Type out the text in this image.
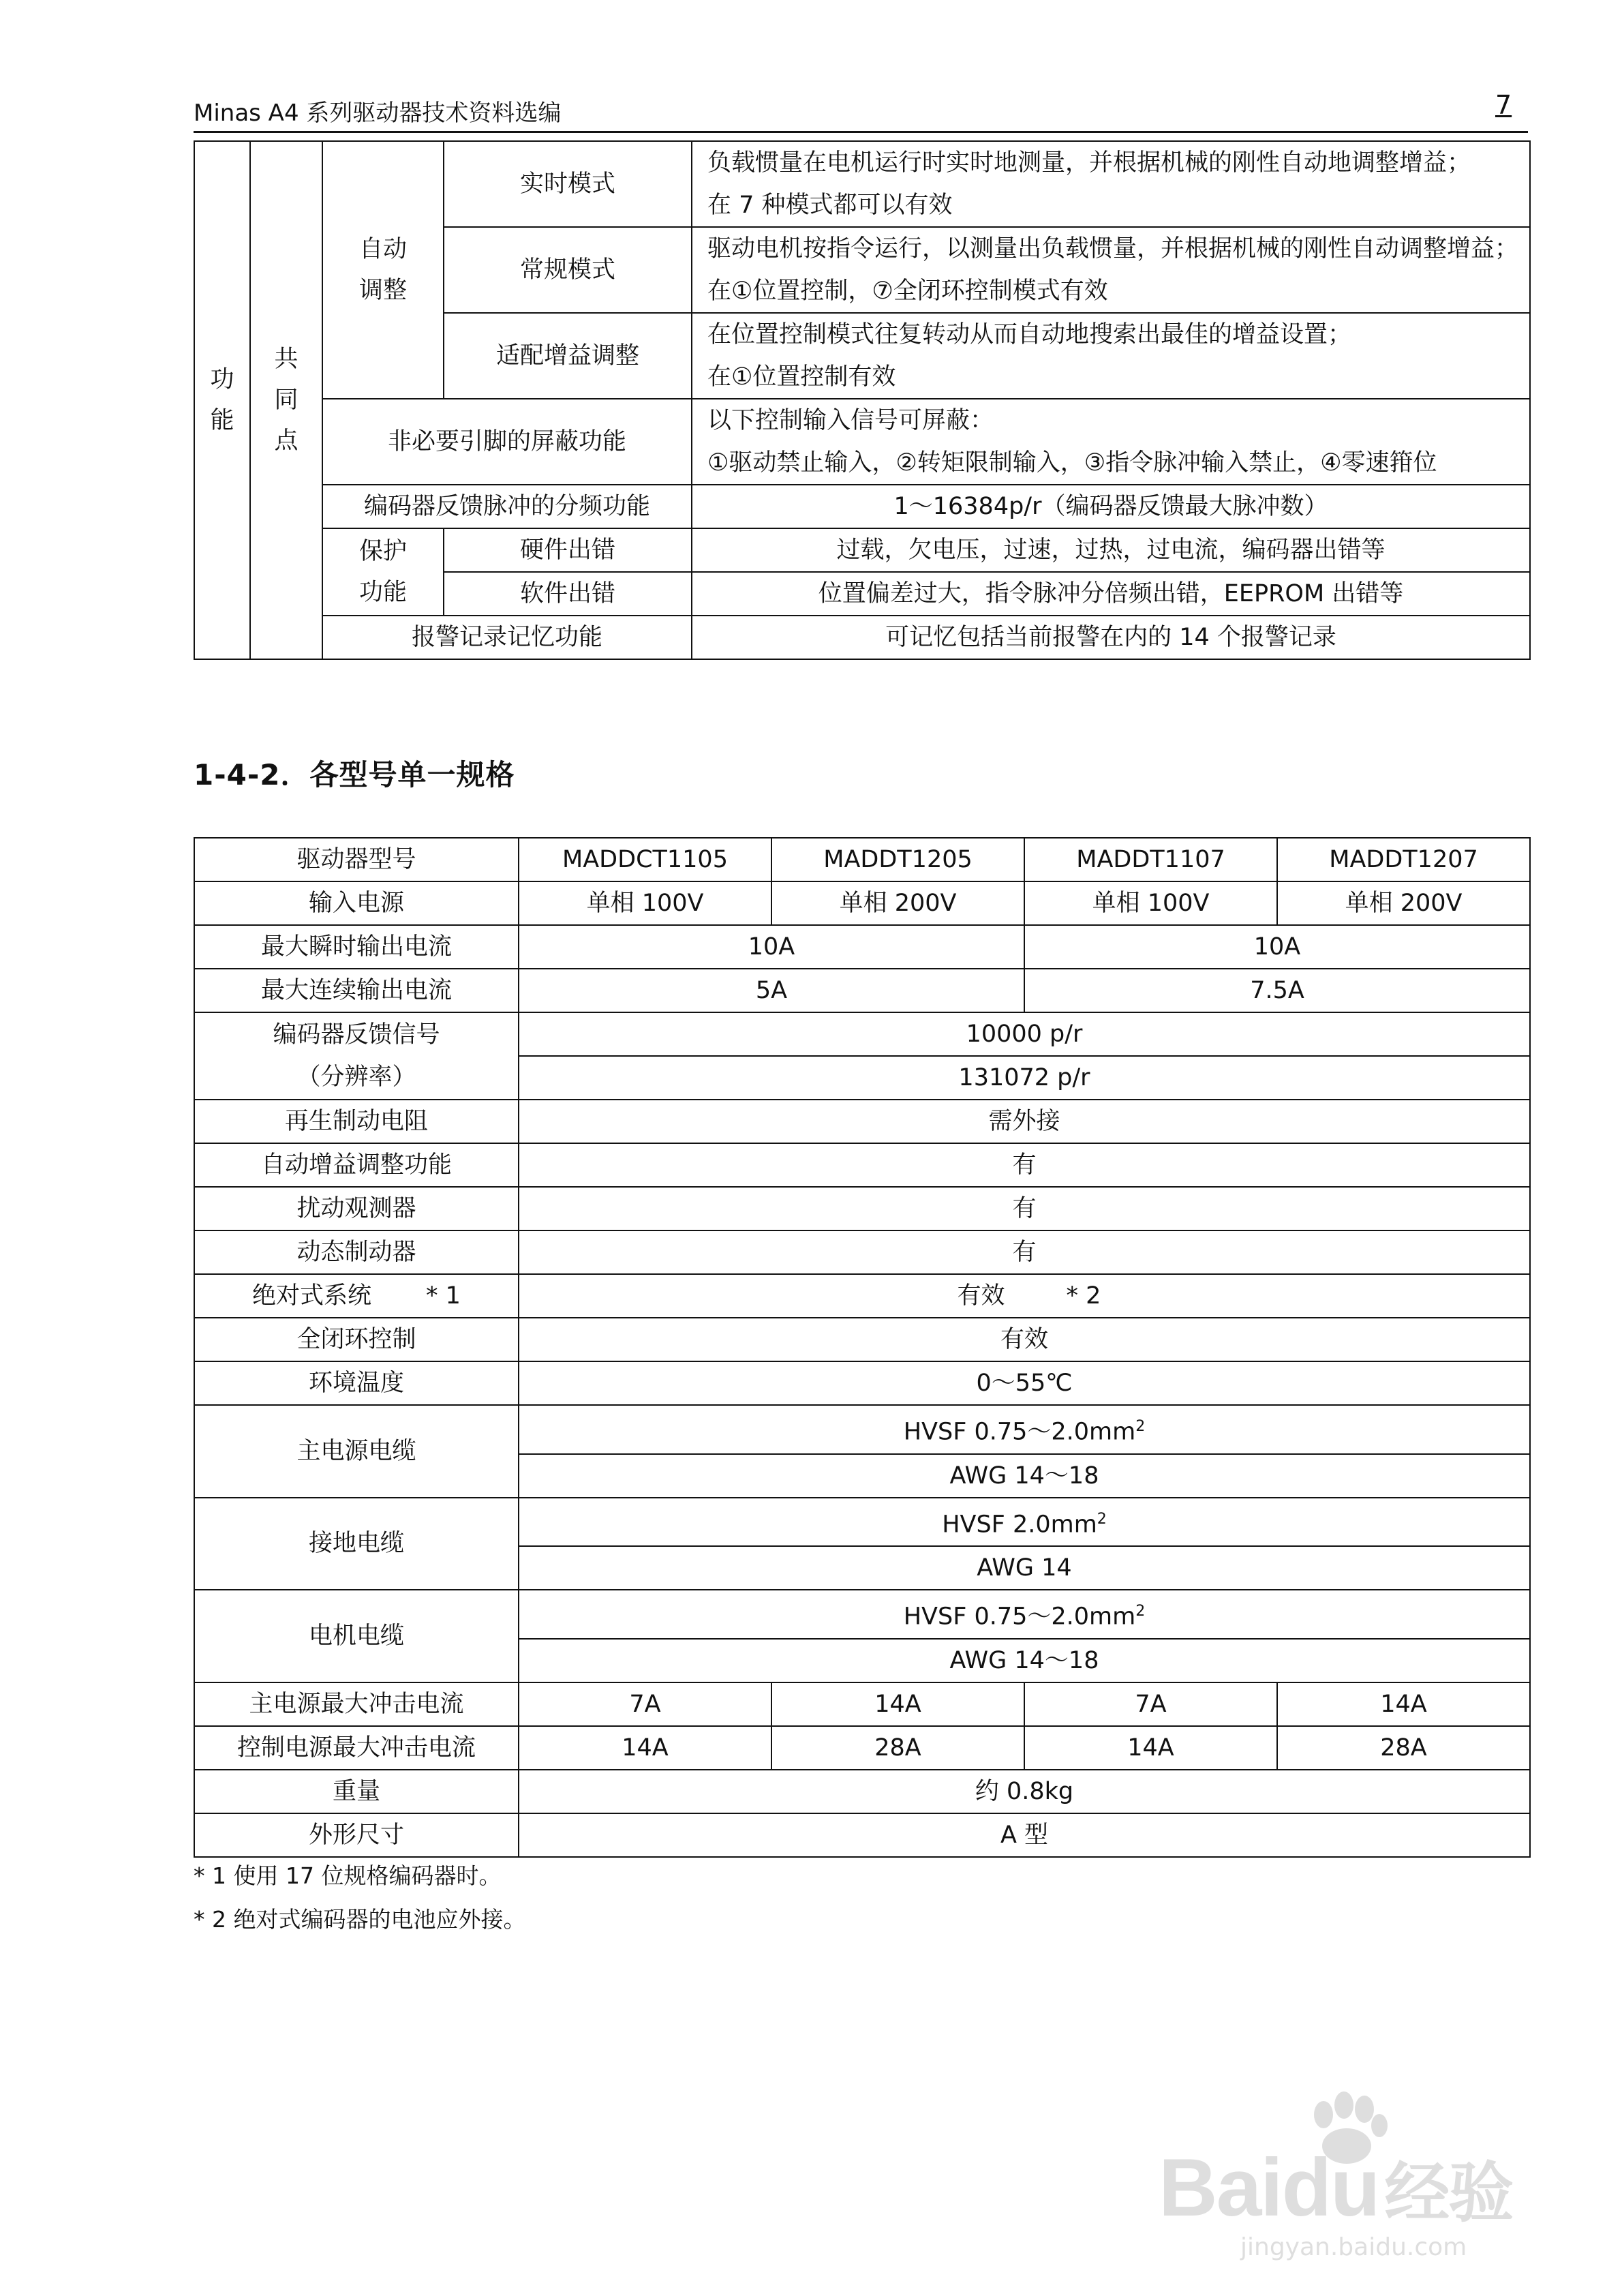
Minas A4 系列驱动器技术资料选编	7
功能	共同点	自动调整	实时模式	负载惯量在电机运行时实时地测量，并根据机械的刚性自动地调整增益；
在 7 种模式都可以有效

			常规模式	驱动电机按指令运行，以测量出负载惯量，并根据机械的刚性自动调整增益；
在①位置控制，⑦全闭环控制模式有效

			适配增益调整	在位置控制模式往复转动从而自动地搜索出最佳的增益设置；
在①位置控制有效

		非必要引脚的屏蔽功能		以下控制输入信号可屏蔽：
①驱动禁止输入，②转矩限制输入，③指令脉冲输入禁止，④零速箝位

		编码器反馈脉冲的分频功能		1～16384p/r（编码器反馈最大脉冲数）
		保护功能	硬件出错	过载，欠电压，过速，过热，过电流，编码器出错等
			软件出错	位置偏差过大，指令脉冲分倍频出错，EEPROM 出错等
		报警记录记忆功能		可记忆包括当前报警在内的 14 个报警记录
1-4-2．各型号单一规格
驱动器型号	MADDCT1105	MADDT1205	MADDT1107	MADDT1207
输入电源	单相 100V	单相 200V	单相 100V	单相 200V
最大瞬时输出电流	10A		10A	
最大连续输出电流	5A		7.5A	

编码器反馈信号
（分辨率）	10000 p/r			
	131072 p/r			
再生制动电阻	需外接			
自动增益调整功能	有			
扰动观测器	有			
动态制动器	有			
绝对式系统 * 1	有效 * 2			
全闭环控制	有效			
环境温度	0～55℃			
主电源电缆	HVSF $0.75\sim 2.0mm^2$
	AWG 14～18			
接地电缆	HVSF $2.0mm^2$
	AWG 14			
电机电缆	HVSF $0.75\sim 2.0mm^2$
	AWG 14～18			
主电源最大冲击电流	7A	14A	7A	14A
控制电源最大冲击电流	14A	28A	14A	28A
重量	约 0.8kg			
外形尺寸	A 型			
* 1 使用 17 位规格编码器时。
* 2 绝对式编码器的电池应外接。
Baidu经验
jingyan.baidu.com
